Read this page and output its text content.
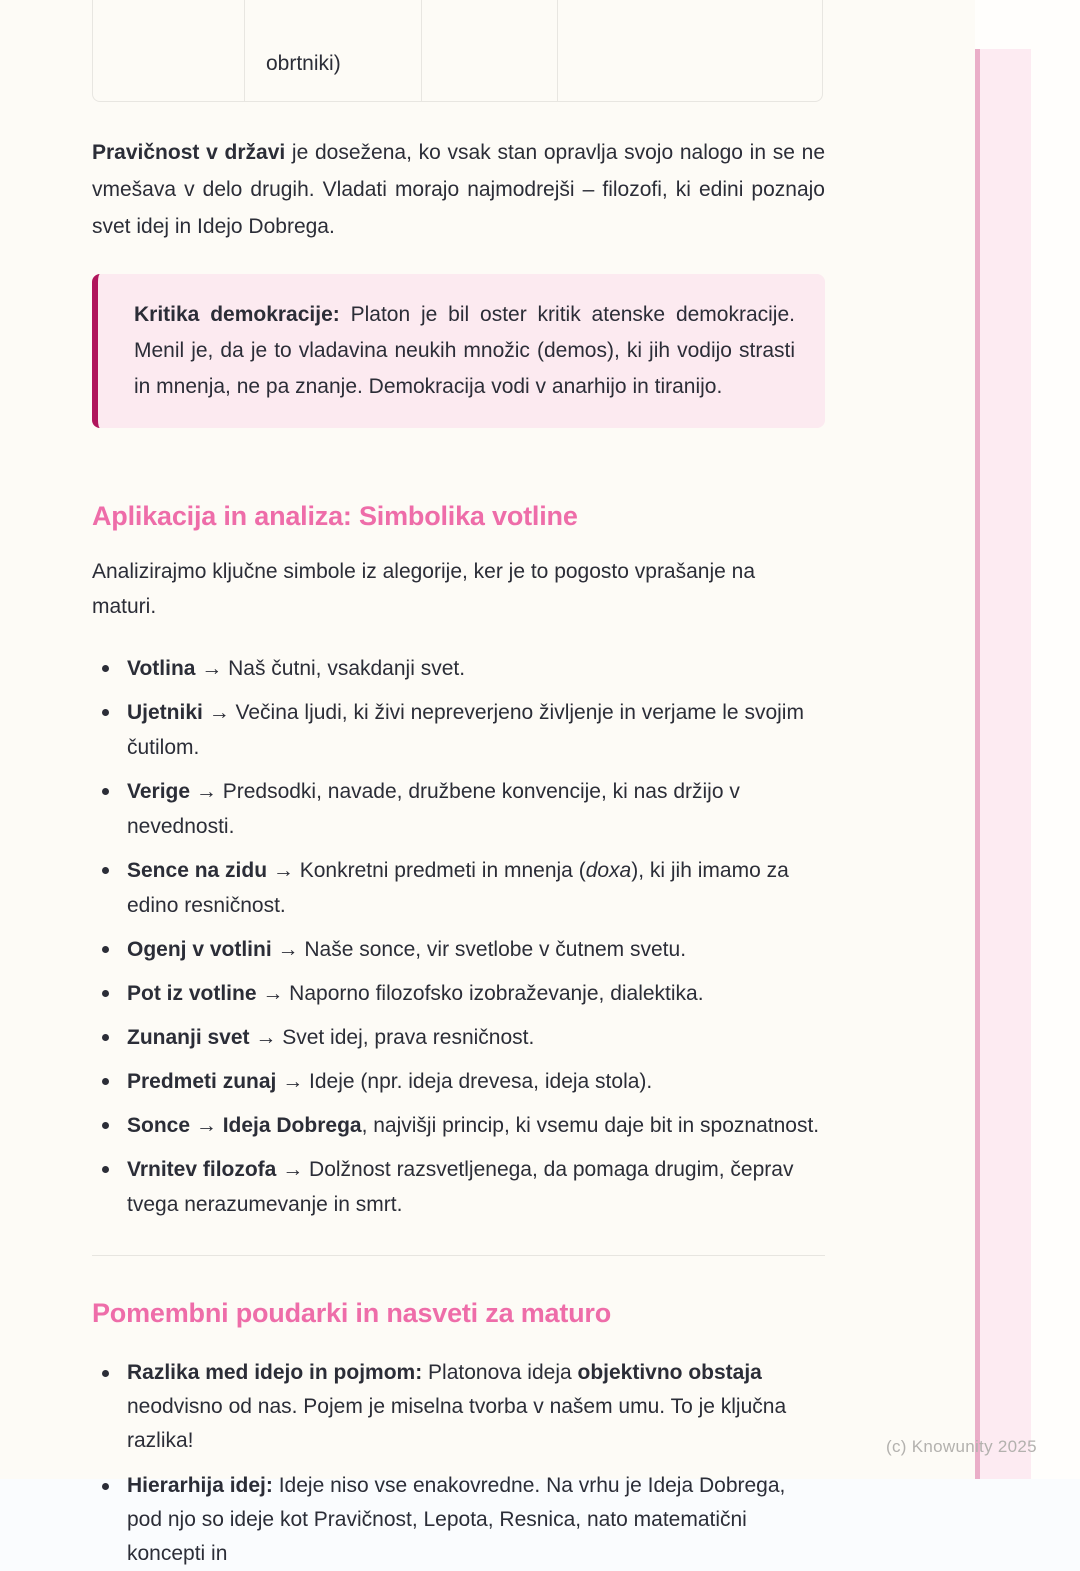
obrtniki)

Pravičnost v državi je dosežena, ko vsak stan opravlja svojo nalogo in se ne vmešava v delo drugih. Vladati morajo najmodrejši – filozofi, ki edini poznajo svet idej in Idejo Dobrega.

Kritika demokracije: Platon je bil oster kritik atenske demokracije. Menil je, da je to vladavina neukih množic (demos), ki jih vodijo strasti in mnenja, ne pa znanje. Demokracija vodi v anarhijo in tiranijo.
Aplikacija in analiza: Simbolika votline

Analizirajmo ključne simbole iz alegorije, ker je to pogosto vprašanje na maturi.

Votlina → Naš čutni, vsakdanji svet.
Ujetniki → Večina ljudi, ki živi nepreverjeno življenje in verjame le svojim čutilom.
Verige → Predsodki, navade, družbene konvencije, ki nas držijo v nevednosti.
Sence na zidu → Konkretni predmeti in mnenja (doxa), ki jih imamo za edino resničnost.
Ogenj v votlini → Naše sonce, vir svetlobe v čutnem svetu.
Pot iz votline → Naporno filozofsko izobraževanje, dialektika.
Zunanji svet → Svet idej, prava resničnost.
Predmeti zunaj → Ideje (npr. ideja drevesa, ideja stola).
Sonce → Ideja Dobrega, najvišji princip, ki vsemu daje bit in spoznatnost.
Vrnitev filozofa → Dolžnost razsvetljenega, da pomaga drugim, čeprav tvega nerazumevanje in smrt.
Pomembni poudarki in nasveti za maturo
Razlika med idejo in pojmom: Platonova ideja objektivno obstaja neodvisno od nas. Pojem je miselna tvorba v našem umu. To je ključna razlika!
Hierarhija idej: Ideje niso vse enakovredne. Na vrhu je Ideja Dobrega, pod njo so ideje kot Pravičnost, Lepota, Resnica, nato matematični koncepti in
(c) Knowunity 2025
